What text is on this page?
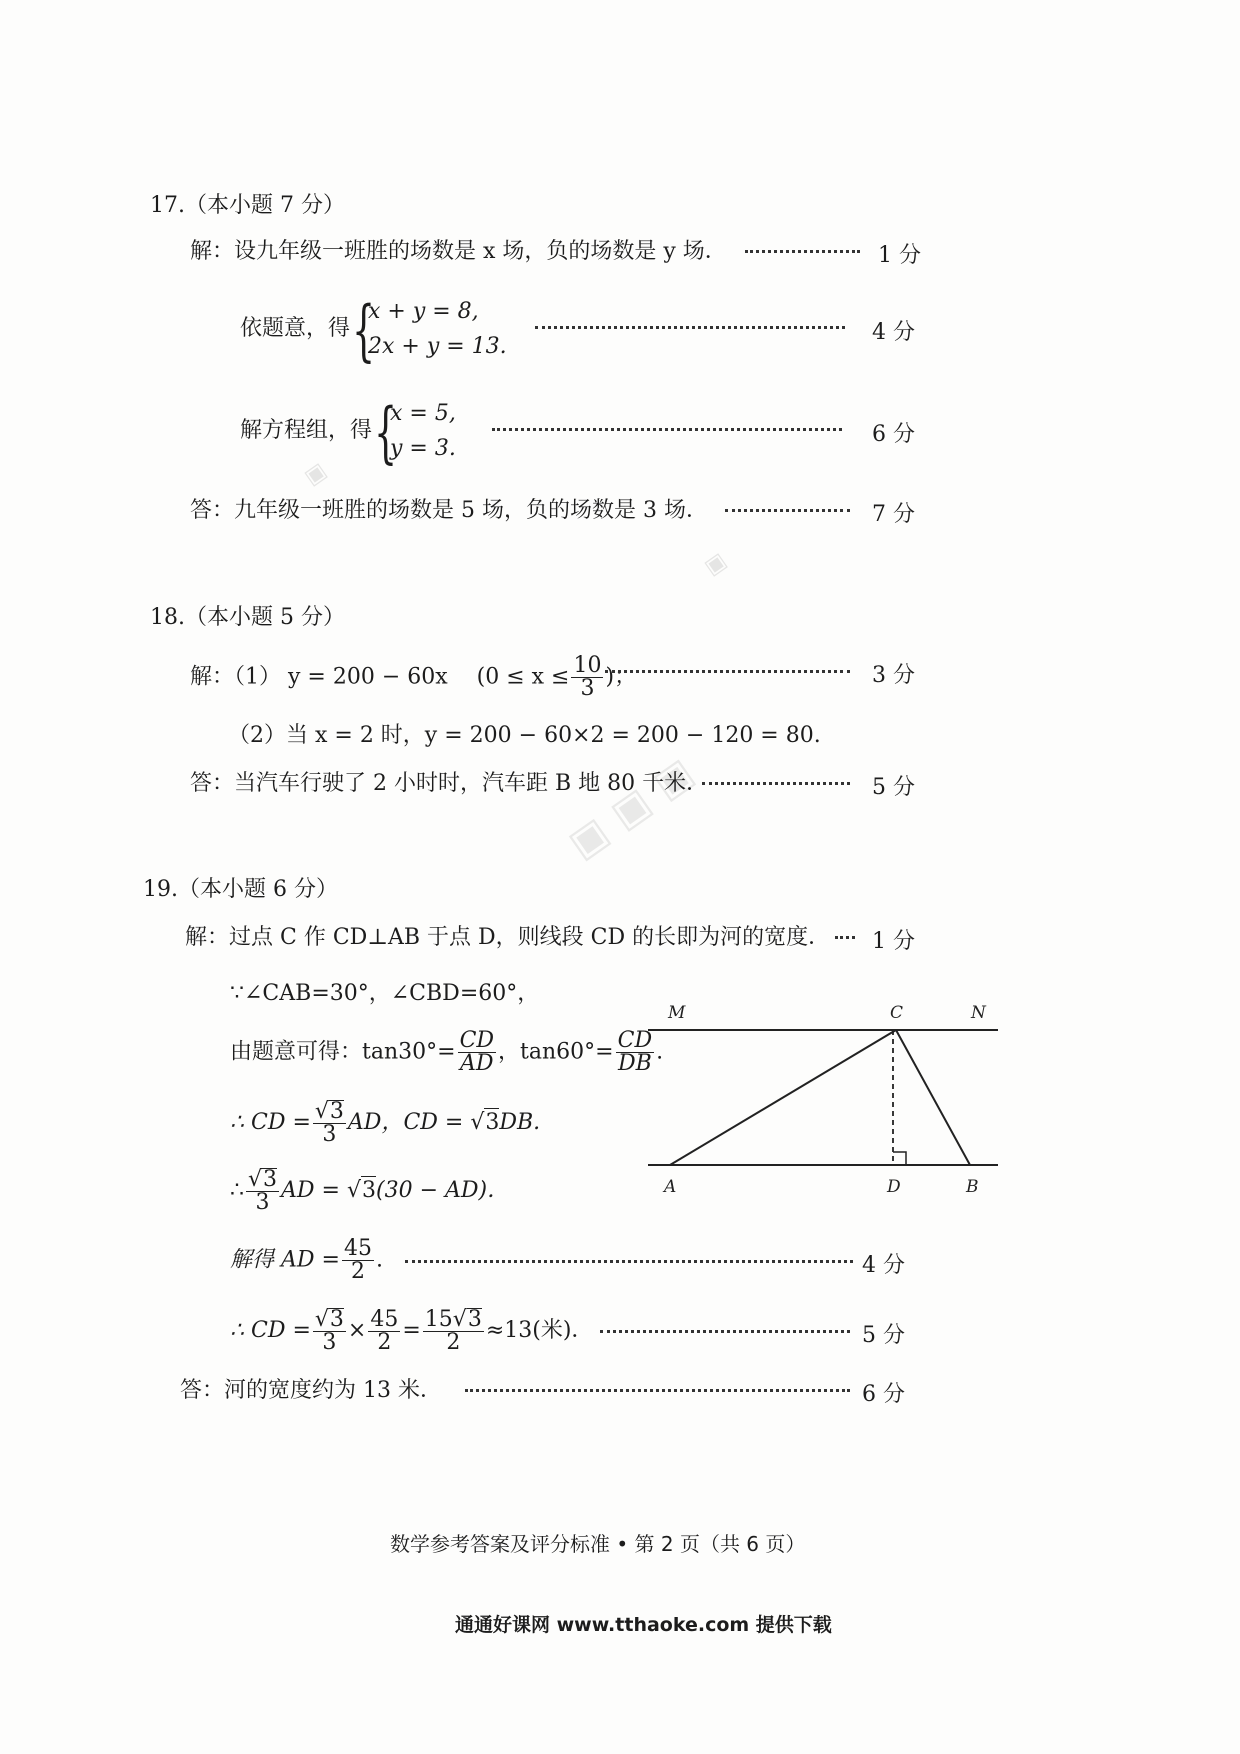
▣
▣
▣ ▣ ▣
17.（本小题 7 分）
解：设九年级一班胜的场数是 x 场，负的场数是 y 场．	1 分
依题意，得 {
x + y = 8,
2x + y = 13.
4 分
解方程组，得 {
x = 5,
y = 3.
6 分
答：九年级一班胜的场数是 5 场，负的场数是 3 场．	7 分
18.（本小题 5 分）
解：（1） y = 200 − 60x　 ($0 \le x \le \frac{10}{3}$ )；	3 分
（2）当 x = 2 时，y = 200 − 60×2 = 200 − 120 = 80.
答：当汽车行驶了 2 小时时，汽车距 B 地 80 千米．	5 分
19.（本小题 6 分）
解：过点 C 作 CD⊥AB 于点 D，则线段 CD 的长即为河的宽度． 1 分
∵∠CAB=30°，∠CBD=60°，
由题意可得：$\tan 30^\circ= \frac{CD}{AD}$ ，$\tan 60^\circ= \frac{CD}{DB}$ .
∴ CD = $\frac{√3}{3}$ AD，CD = √3DB.
∴ $\frac{√3}{3}$ AD = √3(30 − AD)．
解得 AD = $\frac{45}{2}$ .	4 分
∴ CD = $\frac{√3}{3} \times \frac{45}{2} = \frac{15√3}{2} \approx 13$(米)．	5 分
答：河的宽度约为 13 米．	6 分
M	C	N
A	D	B
数学参考答案及评分标准 • 第 2 页（共 6 页）
通通好课网 www.tthaoke.com 提供下载
